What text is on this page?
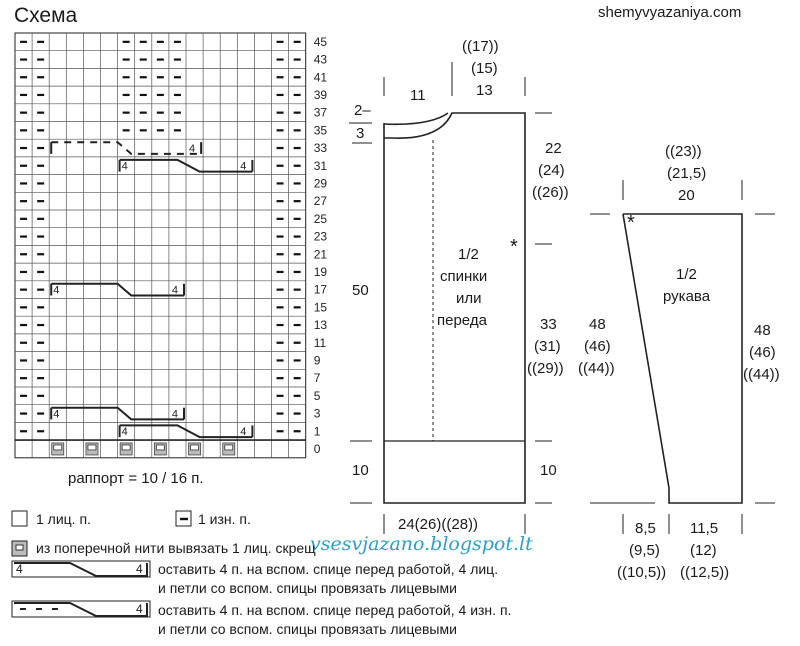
Схема	shemyvyazaniya.com
4
4	4
4	4
4	4
4	4
45
43
41
39
37
35
33
31
29
27
25
23
21
19
17
15
13
11
9
7
5
3
1
0
раппорт = 10 / 16 п.
((17))
(15)
13
11
2–
3
22
(24)
((26))
*
1/2
спинки
или
переда
50
33
(31)
((29))
10	10
24(26)((28))
((23))
(21,5)
20
*
1/2
рукава
48
(46)
((44))
48
(46)
((44))
8,5
(9,5)
((10,5))
11,5
(12)
((12,5))
vsesvjazano.blogspot.lt
1 лиц. п.	1 изн. п.
из поперечной нити вывязать 1 лиц. скрещ
4	4 оставить 4 п. на вспом. спице перед работой, 4 лиц.
и петли со вспом. спицы провязать лицевыми
4 оставить 4 п. на вспом. спице перед работой, 4 изн. п.
и петли со вспом. спицы провязать лицевыми
